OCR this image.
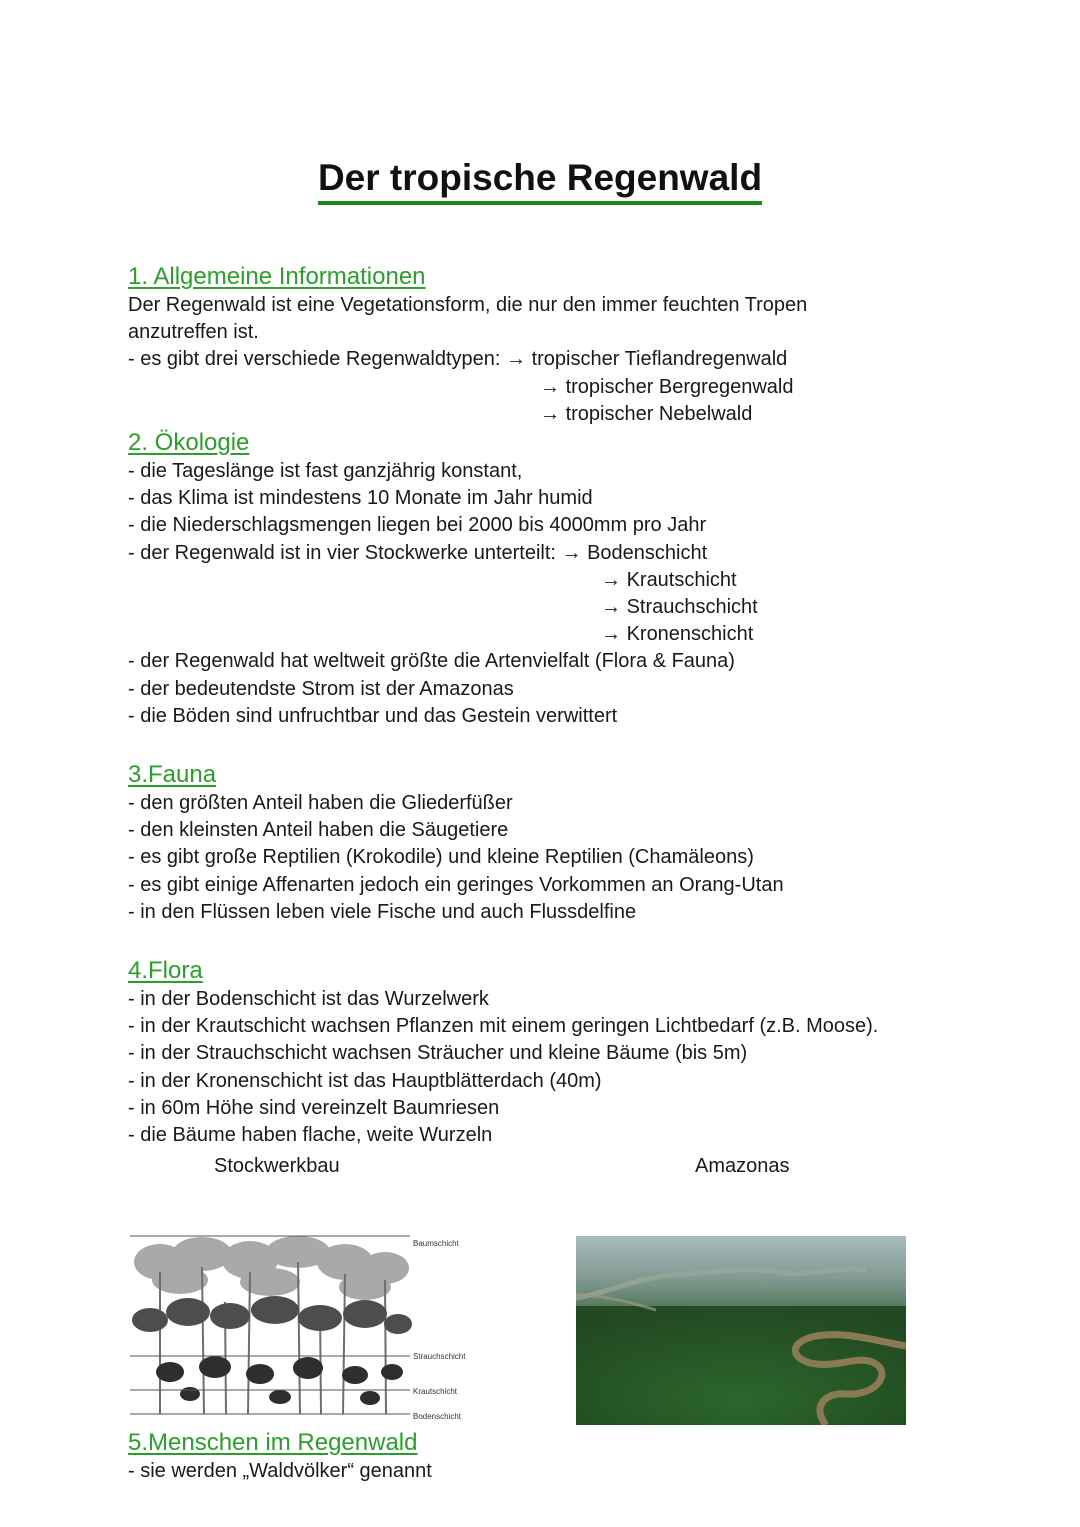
Der tropische Regenwald
1. Allgemeine Informationen
Der Regenwald ist eine Vegetationsform, die nur den immer feuchten Tropen
anzutreffen ist.
- es gibt drei verschiede Regenwaldtypen: → tropischer Tieflandregenwald
→ tropischer Bergregenwald
→ tropischer Nebelwald
2. Ökologie
- die Tageslänge ist fast ganzjährig konstant,
- das Klima ist mindestens 10 Monate im Jahr humid
- die Niederschlagsmengen liegen bei 2000 bis 4000mm pro Jahr
- der Regenwald ist in vier Stockwerke unterteilt: → Bodenschicht
→ Krautschicht
→ Strauchschicht
→ Kronenschicht
- der Regenwald hat weltweit größte die Artenvielfalt (Flora & Fauna)
- der bedeutendste Strom ist der Amazonas
- die Böden sind unfruchtbar und das Gestein verwittert
3.Fauna
- den größten Anteil haben die Gliederfüßer
- den kleinsten Anteil haben die Säugetiere
- es gibt große Reptilien (Krokodile) und kleine Reptilien (Chamäleons)
- es gibt einige Affenarten jedoch ein geringes Vorkommen an Orang-Utan
- in den Flüssen leben viele Fische und auch Flussdelfine
4.Flora
- in der Bodenschicht ist das Wurzelwerk
- in der Krautschicht wachsen Pflanzen mit einem geringen Lichtbedarf (z.B. Moose).
- in der Strauchschicht wachsen Sträucher und kleine Bäume (bis 5m)
- in der Kronenschicht ist das Hauptblätterdach (40m)
- in 60m Höhe sind vereinzelt Baumriesen
- die Bäume haben flache, weite Wurzeln
Stockwerkbau	Amazonas
Baumschicht
Strauchschicht
Krautschicht
Bodenschicht
5.Menschen im Regenwald
- sie werden „Waldvölker“ genannt
